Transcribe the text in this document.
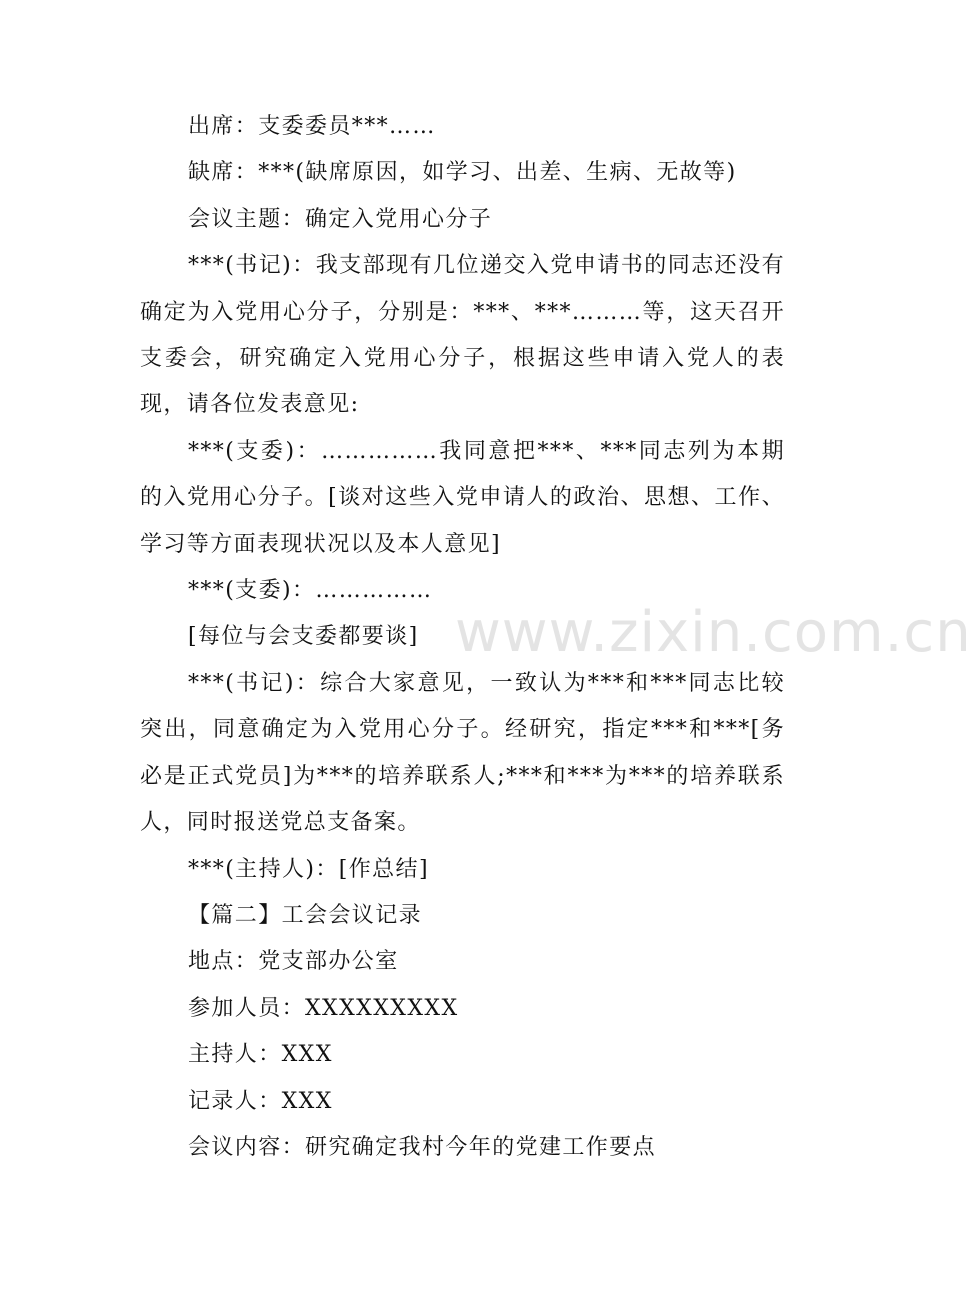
www.zixin.com.cn

出席：支委委员***……

缺席：***(缺席原因，如学习、出差、生病、无故等)

会议主题：确定入党用心分子

***(书记)：我支部现有几位递交入党申请书的同志还没有确定为入党用心分子，分别是：***、***………等，这天召开支委会，研究确定入党用心分子，根据这些申请入党人的表现，请各位发表意见:

***(支委)：……………我同意把***、***同志列为本期的入党用心分子。[谈对这些入党申请人的政治、思想、工作、学习等方面表现状况以及本人意见]

***(支委)：……………

[每位与会支委都要谈]

***(书记)：综合大家意见，一致认为***和***同志比较突出，同意确定为入党用心分子。经研究，指定***和***[务必是正式党员]为***的培养联系人;***和***为***的培养联系人，同时报送党总支备案。

***(主持人)：[作总结]

【篇二】工会会议记录

地点：党支部办公室

参加人员：XXXXXXXXX

主持人：XXX

记录人：XXX

会议内容：研究确定我村今年的党建工作要点
